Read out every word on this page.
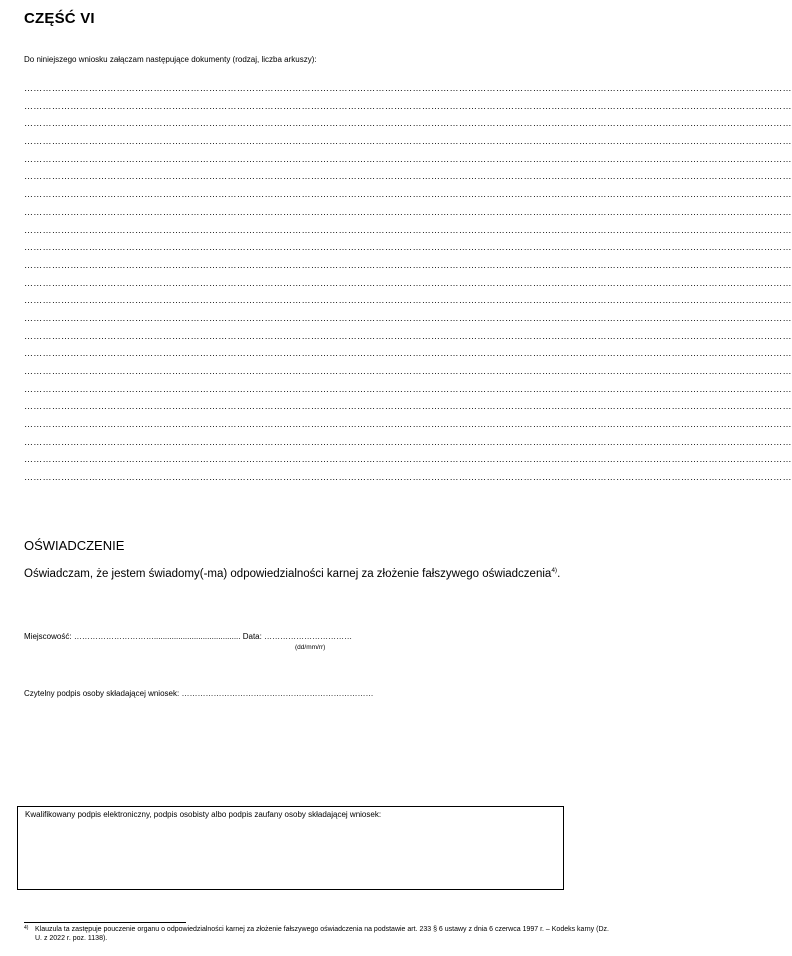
CZĘŚĆ VI
Do niniejszego wniosku załączam następujące dokumenty (rodzaj, liczba arkuszy):
……………………………………………………………………………………………………………………………………………………………………………………………………………………………
……………………………………………………………………………………………………………………………………………………………………………………………………………………………
……………………………………………………………………………………………………………………………………………………………………………………………………………………………
……………………………………………………………………………………………………………………………………………………………………………………………………………………………
……………………………………………………………………………………………………………………………………………………………………………………………………………………………
……………………………………………………………………………………………………………………………………………………………………………………………………………………………
……………………………………………………………………………………………………………………………………………………………………………………………………………………………
……………………………………………………………………………………………………………………………………………………………………………………………………………………………
……………………………………………………………………………………………………………………………………………………………………………………………………………………………
……………………………………………………………………………………………………………………………………………………………………………………………………………………………
……………………………………………………………………………………………………………………………………………………………………………………………………………………………
……………………………………………………………………………………………………………………………………………………………………………………………………………………………
……………………………………………………………………………………………………………………………………………………………………………………………………………………………
……………………………………………………………………………………………………………………………………………………………………………………………………………………………
……………………………………………………………………………………………………………………………………………………………………………………………………………………………
……………………………………………………………………………………………………………………………………………………………………………………………………………………………
……………………………………………………………………………………………………………………………………………………………………………………………………………………………
……………………………………………………………………………………………………………………………………………………………………………………………………………………………
……………………………………………………………………………………………………………………………………………………………………………………………………………………………
……………………………………………………………………………………………………………………………………………………………………………………………………………………………
……………………………………………………………………………………………………………………………………………………………………………………………………………………………
……………………………………………………………………………………………………………………………………………………………………………………………………………………………
……………………………………………………………………………………………………………………………………………………………………………………………………………………………
OŚWIADCZENIE
Oświadczam, że jestem świadomy(-ma) odpowiedzialności karnej za złożenie fałszywego oświadczenia$^{4)}$.
Miejscowość: …………………………....................................... Data: ……………………………
(dd/mm/rr)
Czytelny podpis osoby składającej wniosek: ………………………………………………………………
Kwalifikowany podpis elektroniczny, podpis osobisty albo podpis zaufany osoby składającej wniosek:
4) Klauzula ta zastępuje pouczenie organu o odpowiedzialności karnej za złożenie fałszywego oświadczenia na podstawie art. 233 § 6 ustawy z dnia 6 czerwca 1997 r. – Kodeks karny (Dz. U. z 2022 r. poz. 1138).
